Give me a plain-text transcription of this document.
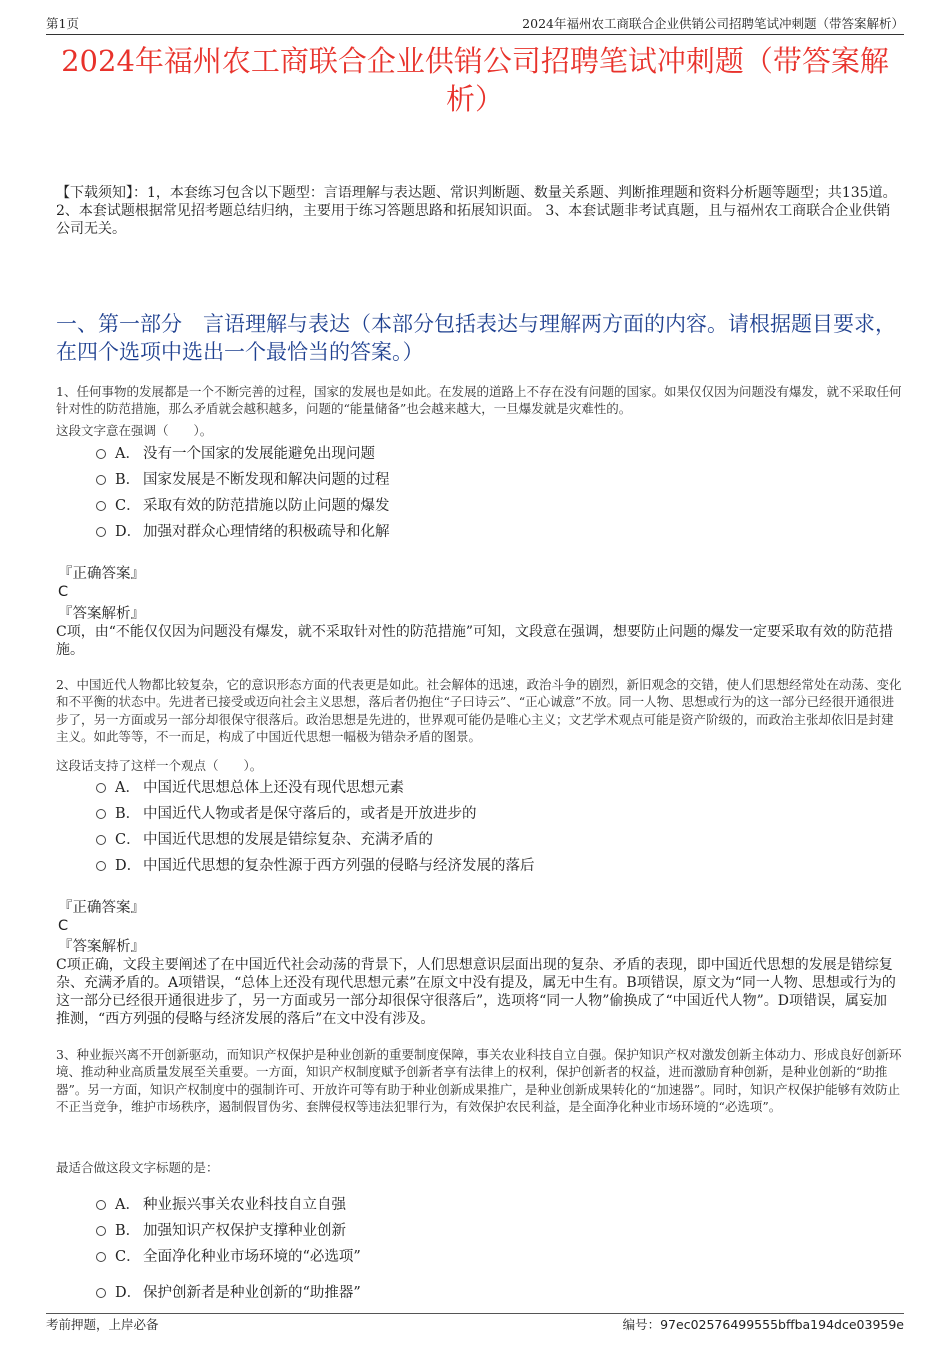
第1页	2024年福州农工商联合企业供销公司招聘笔试冲刺题（带答案解析）
2024年福州农工商联合企业供销公司招聘笔试冲刺题（带答案解析）
【下载须知】：1，本套练习包含以下题型：言语理解与表达题、常识判断题、数量关系题、判断推理题和资料分析题等题型；共135道。 2、本套试题根据常见招考题总结归纳，主要用于练习答题思路和拓展知识面。 3、本套试题非考试真题，且与福州农工商联合企业供销公司无关。
一、第一部分　言语理解与表达（本部分包括表达与理解两方面的内容。请根据题目要求，在四个选项中选出一个最恰当的答案。）
1、任何事物的发展都是一个不断完善的过程，国家的发展也是如此。在发展的道路上不存在没有问题的国家。如果仅仅因为问题没有爆发，就不采取任何针对性的防范措施，那么矛盾就会越积越多，问题的“能量储备”也会越来越大，一旦爆发就是灾难性的。
这段文字意在强调（　　）。
A． 没有一个国家的发展能避免出现问题
B． 国家发展是不断发现和解决问题的过程
C． 采取有效的防范措施以防止问题的爆发
D． 加强对群众心理情绪的积极疏导和化解
『正确答案』
C
『答案解析』
C项，由“不能仅仅因为问题没有爆发，就不采取针对性的防范措施”可知，文段意在强调，想要防止问题的爆发一定要采取有效的防范措施。
2、中国近代人物都比较复杂，它的意识形态方面的代表更是如此。社会解体的迅速，政治斗争的剧烈，新旧观念的交错，使人们思想经常处在动荡、变化和不平衡的状态中。先进者已接受或迈向社会主义思想，落后者仍抱住“子曰诗云”、“正心诚意”不放。同一人物、思想或行为的这一部分已经很开通很进步了，另一方面或另一部分却很保守很落后。政治思想是先进的，世界观可能仍是唯心主义；文艺学术观点可能是资产阶级的，而政治主张却依旧是封建主义。如此等等，不一而足，构成了中国近代思想一幅极为错杂矛盾的图景。
这段话支持了这样一个观点（　　）。
A． 中国近代思想总体上还没有现代思想元素
B． 中国近代人物或者是保守落后的，或者是开放进步的
C． 中国近代思想的发展是错综复杂、充满矛盾的
D． 中国近代思想的复杂性源于西方列强的侵略与经济发展的落后
『正确答案』
C
『答案解析』
C项正确，文段主要阐述了在中国近代社会动荡的背景下，人们思想意识层面出现的复杂、矛盾的表现，即中国近代思想的发展是错综复杂、充满矛盾的。A项错误，“总体上还没有现代思想元素”在原文中没有提及，属无中生有。B项错误，原文为“同一人物、思想或行为的这一部分已经很开通很进步了，另一方面或另一部分却很保守很落后”，选项将“同一人物”偷换成了“中国近代人物”。D项错误，属妄加推测，“西方列强的侵略与经济发展的落后”在文中没有涉及。
3、种业振兴离不开创新驱动，而知识产权保护是种业创新的重要制度保障，事关农业科技自立自强。保护知识产权对激发创新主体动力、形成良好创新环境、推动种业高质量发展至关重要。一方面，知识产权制度赋予创新者享有法律上的权利，保护创新者的权益，进而激励育种创新，是种业创新的“助推器”。另一方面，知识产权制度中的强制许可、开放许可等有助于种业创新成果推广，是种业创新成果转化的“加速器”。同时，知识产权保护能够有效防止不正当竞争，维护市场秩序，遏制假冒伪劣、套牌侵权等违法犯罪行为，有效保护农民利益，是全面净化种业市场环境的“必选项”。
最适合做这段文字标题的是：
A． 种业振兴事关农业科技自立自强
B． 加强知识产权保护支撑种业创新
C． 全面净化种业市场环境的“必选项”
D． 保护创新者是种业创新的“助推器”
考前押题，上岸必备	编号：97ec02576499555bffba194dce03959e
